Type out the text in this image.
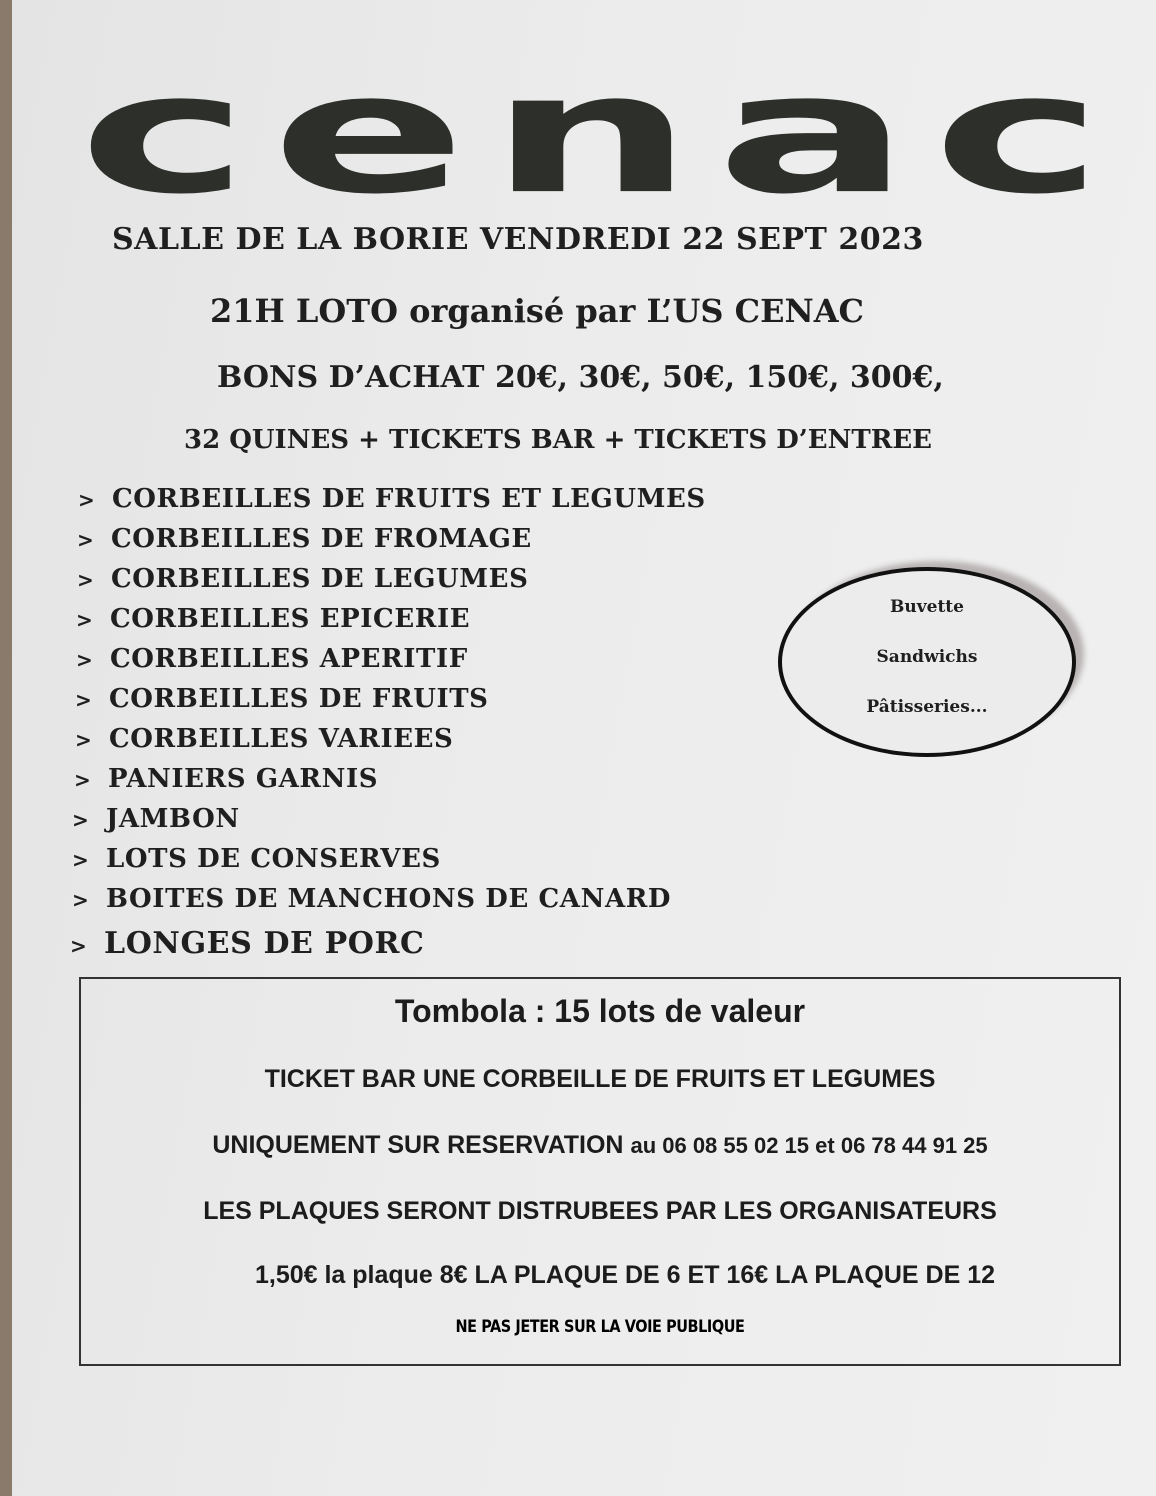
cenac
SALLE DE LA BORIE VENDREDI 22 SEPT 2023
21H LOTO organisé par L’US CENAC
BONS D’ACHAT 20€, 30€, 50€, 150€, 300€,
32 QUINES + TICKETS BAR + TICKETS D’ENTREE
> CORBEILLES DE FRUITS ET LEGUMES
> CORBEILLES DE FROMAGE
> CORBEILLES DE LEGUMES
> CORBEILLES EPICERIE
> CORBEILLES APERITIF
> CORBEILLES DE FRUITS
> CORBEILLES VARIEES
> PANIERS GARNIS
> JAMBON
> LOTS DE CONSERVES
> BOITES DE MANCHONS DE CANARD
> LONGES DE PORC
Buvette
Sandwichs
Pâtisseries...
Tombola : 15 lots de valeur
TICKET BAR UNE CORBEILLE DE FRUITS ET LEGUMES
UNIQUEMENT SUR RESERVATION au 06 08 55 02 15 et 06 78 44 91 25
LES PLAQUES SERONT DISTRUBEES PAR LES ORGANISATEURS
1,50€ la plaque 8€ LA PLAQUE DE 6 ET 16€ LA PLAQUE DE 12
NE PAS JETER SUR LA VOIE PUBLIQUE
